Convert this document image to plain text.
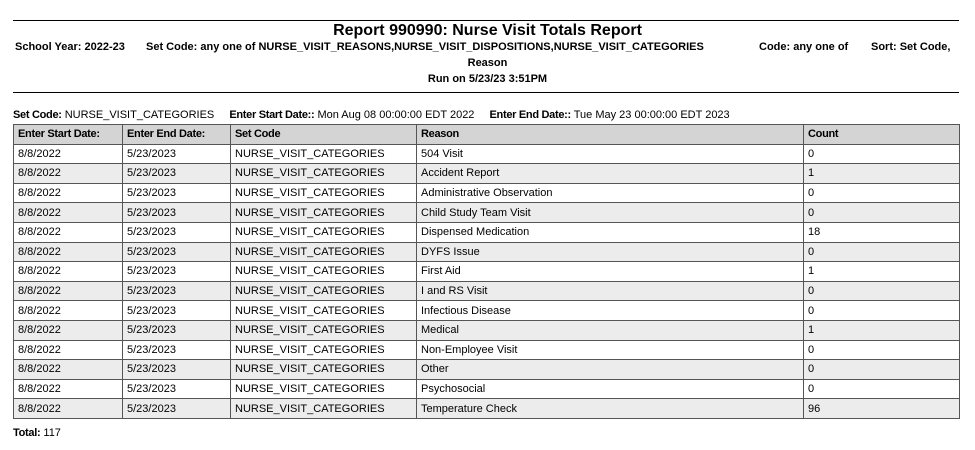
Report 990990: Nurse Visit Totals Report
School Year: 2022-23 Set Code: any one of NURSE_VISIT_REASONS,NURSE_VISIT_DISPOSITIONS,NURSE_VISIT_CATEGORIES	Code: any one of Sort: Set Code,
Reason
Run on 5/23/23 3:51PM
Set Code: NURSE_VISIT_CATEGORIES Enter Start Date:: Mon Aug 08 00:00:00 EDT 2022 Enter End Date:: Tue May 23 00:00:00 EDT 2023
Enter Start Date:	Enter End Date:	Set Code	Reason	Count
8/8/2022	5/23/2023	NURSE_VISIT_CATEGORIES	504 Visit	0
8/8/2022	5/23/2023	NURSE_VISIT_CATEGORIES	Accident Report	1
8/8/2022	5/23/2023	NURSE_VISIT_CATEGORIES	Administrative Observation	0
8/8/2022	5/23/2023	NURSE_VISIT_CATEGORIES	Child Study Team Visit	0
8/8/2022	5/23/2023	NURSE_VISIT_CATEGORIES	Dispensed Medication	18
8/8/2022	5/23/2023	NURSE_VISIT_CATEGORIES	DYFS Issue	0
8/8/2022	5/23/2023	NURSE_VISIT_CATEGORIES	First Aid	1
8/8/2022	5/23/2023	NURSE_VISIT_CATEGORIES	I and RS Visit	0
8/8/2022	5/23/2023	NURSE_VISIT_CATEGORIES	Infectious Disease	0
8/8/2022	5/23/2023	NURSE_VISIT_CATEGORIES	Medical	1
8/8/2022	5/23/2023	NURSE_VISIT_CATEGORIES	Non-Employee Visit	0
8/8/2022	5/23/2023	NURSE_VISIT_CATEGORIES	Other	0
8/8/2022	5/23/2023	NURSE_VISIT_CATEGORIES	Psychosocial	0
8/8/2022	5/23/2023	NURSE_VISIT_CATEGORIES	Temperature Check	96
Total: 117
